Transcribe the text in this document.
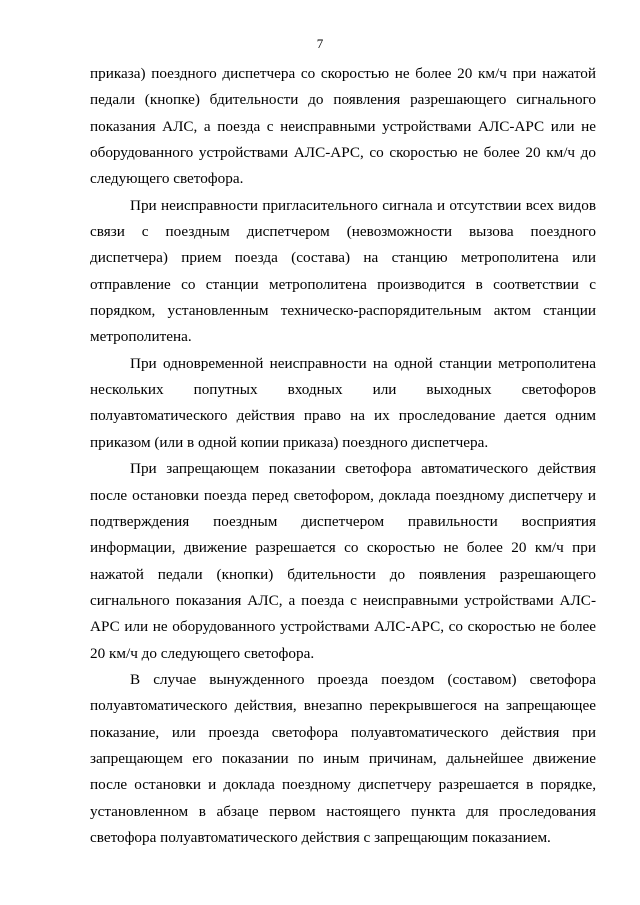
7

приказа) поездного диспетчера со скоростью не более 20 км/ч при нажатой педали (кнопке) бдительности до появления разрешающего сигнального показания АЛС, а поезда с неисправными устройствами АЛС-АРС или не оборудованного устройствами АЛС-АРС, со скоростью не более 20 км/ч до следующего светофора.

При неисправности пригласительного сигнала и отсутствии всех видов связи с поездным диспетчером (невозможности вызова поездного диспетчера) прием поезда (состава) на станцию метрополитена или отправление со станции метрополитена производится в соответствии с порядком, установленным техническо-распорядительным актом станции метрополитена.

При одновременной неисправности на одной станции метрополитена нескольких попутных входных или выходных светофоров полуавтоматического действия право на их проследование дается одним приказом (или в одной копии приказа) поездного диспетчера.

При запрещающем показании светофора автоматического действия после остановки поезда перед светофором, доклада поездному диспетчеру и подтверждения поездным диспетчером правильности восприятия информации, движение разрешается со скоростью не более 20 км/ч при нажатой педали (кнопки) бдительности до появления разрешающего сигнального показания АЛС, а поезда с неисправными устройствами АЛС-АРС или не оборудованного устройствами АЛС-АРС, со скоростью не более 20 км/ч до следующего светофора.

В случае вынужденного проезда поездом (составом) светофора полуавтоматического действия, внезапно перекрывшегося на запрещающее показание, или проезда светофора полуавтоматического действия при запрещающем его показании по иным причинам, дальнейшее движение после остановки и доклада поездному диспетчеру разрешается в порядке, установленном в абзаце первом настоящего пункта для проследования светофора полуавтоматического действия с запрещающим показанием.
